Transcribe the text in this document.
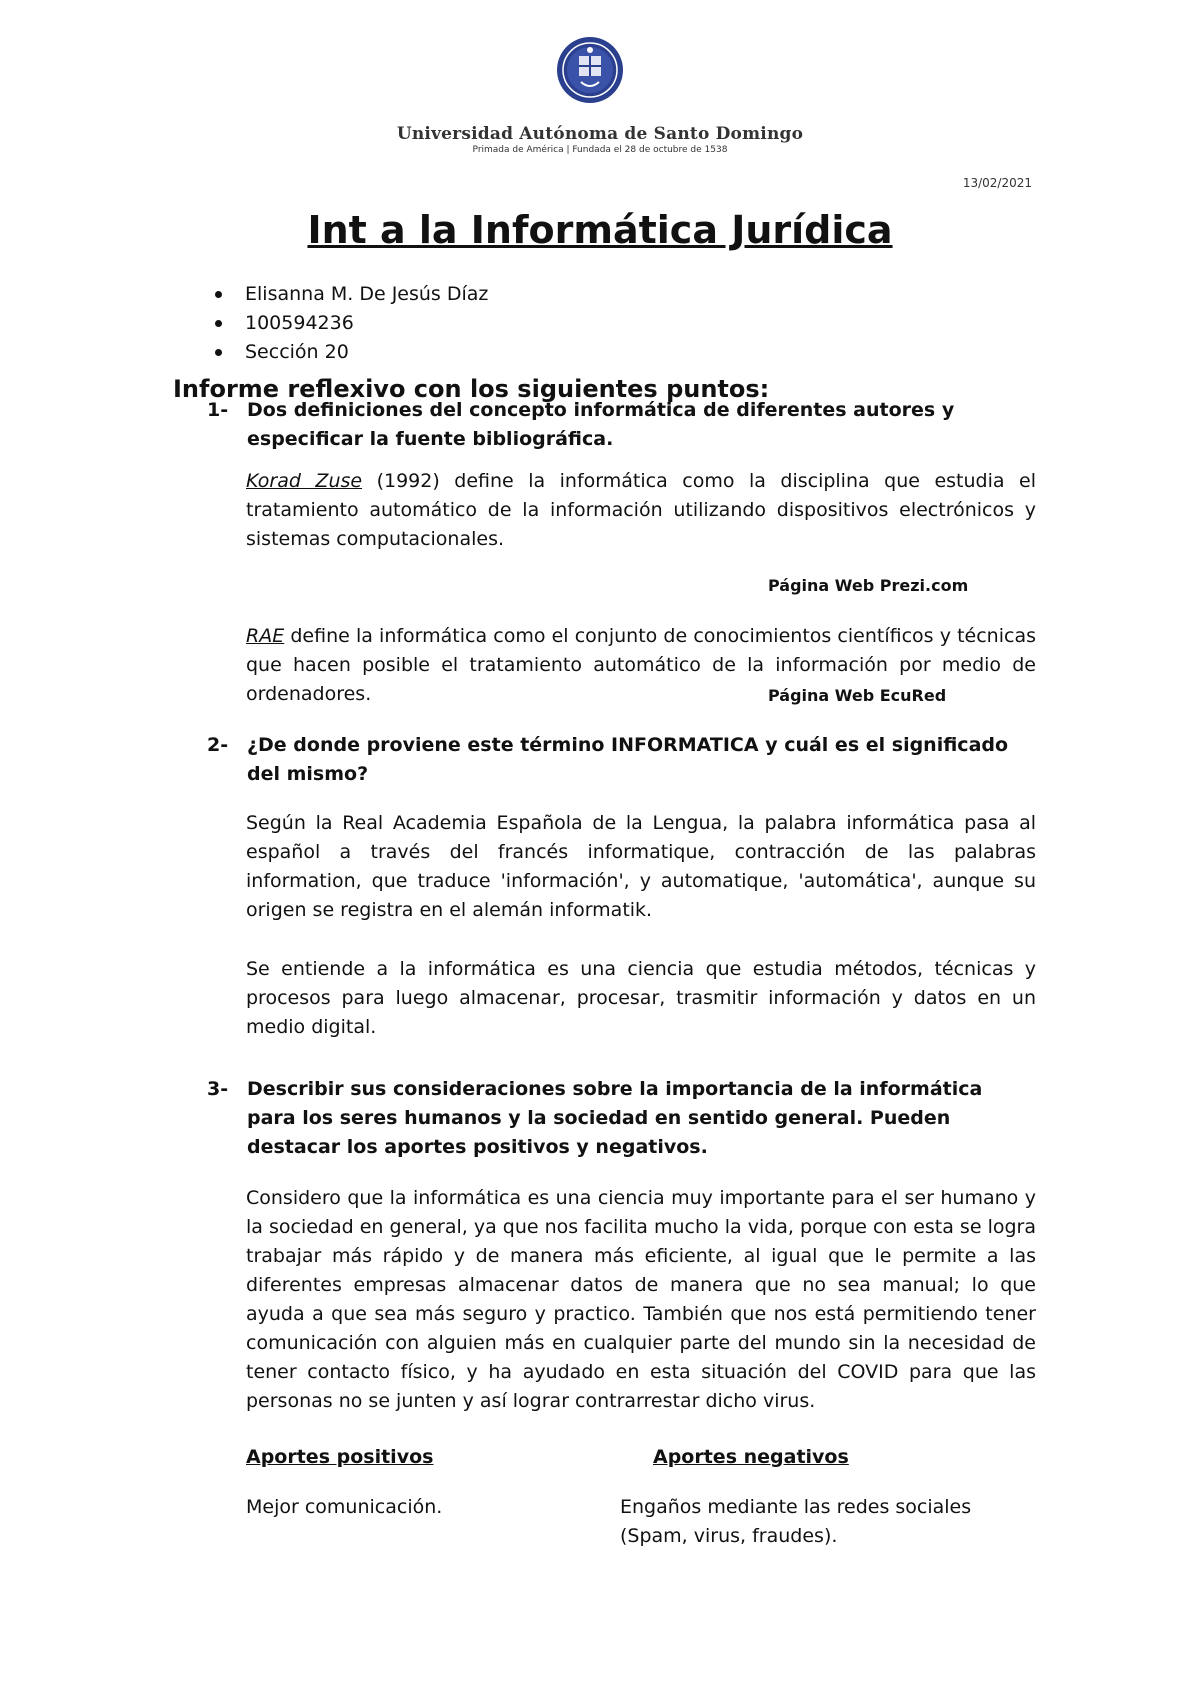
Universidad Autónoma de Santo Domingo
Primada de América | Fundada el 28 de octubre de 1538
13/02/2021
Int a la Informática Jurídica
Elisanna M. De Jesús Díaz
100594236
Sección 20
Informe reflexivo con los siguientes puntos:
1- Dos definiciones del concepto informática de diferentes autores y especificar la fuente bibliográfica.
Korad Zuse (1992) define la informática como la disciplina que estudia el tratamiento automático de la información utilizando dispositivos electrónicos y sistemas computacionales.
Página Web Prezi.com
RAE define la informática como el conjunto de conocimientos científicos y técnicas que hacen posible el tratamiento automático de la información por medio de ordenadores.	Página Web EcuRed
2- ¿De donde proviene este término INFORMATICA y cuál es el significado del mismo?
Según la Real Academia Española de la Lengua, la palabra informática pasa al español a través del francés informatique, contracción de las palabras information, que traduce 'información', y automatique, 'automática', aunque su origen se registra en el alemán informatik.
Se entiende a la informática es una ciencia que estudia métodos, técnicas y procesos para luego almacenar, procesar, trasmitir información y datos en un medio digital.
3- Describir sus consideraciones sobre la importancia de la informática para los seres humanos y la sociedad en sentido general. Pueden destacar los aportes positivos y negativos.
Considero que la informática es una ciencia muy importante para el ser humano y la sociedad en general, ya que nos facilita mucho la vida, porque con esta se logra trabajar más rápido y de manera más eficiente, al igual que le permite a las diferentes empresas almacenar datos de manera que no sea manual; lo que ayuda a que sea más seguro y practico. También que nos está permitiendo tener comunicación con alguien más en cualquier parte del mundo sin la necesidad de tener contacto físico, y ha ayudado en esta situación del COVID para que las personas no se junten y así lograr contrarrestar dicho virus.
Aportes positivos	Aportes negativos
Mejor comunicación.	Engaños mediante las redes sociales
(Spam, virus, fraudes).
